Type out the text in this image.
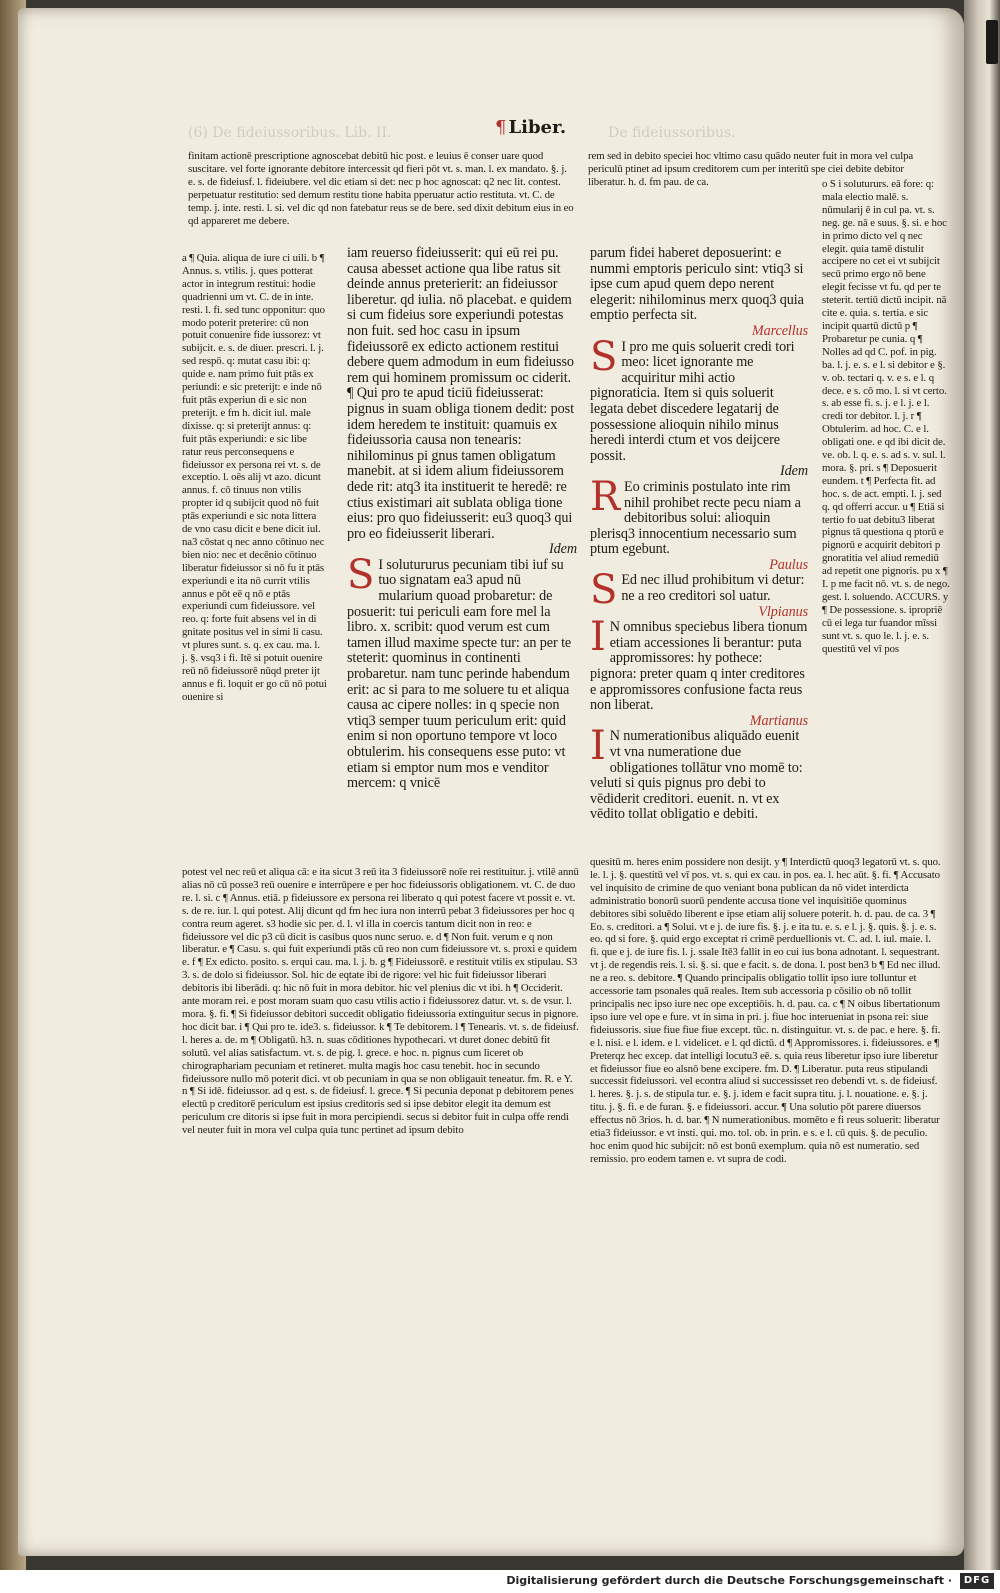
(6) De fideiussoribus. Lib. II.	De fideiussoribus.
¶ Liber.

finitam actionē prescriptione agnoscebat debitū hic post. e leuius ē conser uare quod suscitare. vel forte ignorante debitore intercessit qd fieri pōt vt. s. man. l. ex mandato. §. j. e. s. de fideiusf. l. fideiubere. vel dic etiam si det: nec p hoc agnoscat: q2 nec lit. contest. perpetuatur restitutio: sed demum restitu tione habita pperuatur actio restituta. vt. C. de temp. j. inte. resti. l. si. vel dic qd non fatebatur reus se de bere. sed dixit debitum eius in eo qd appareret me debere.

rem sed in debito speciei hoc vltimo casu quādo neuter fuit in mora vel culpa periculū ptinet ad ipsum creditorem cum per interitū spe ciei debite debitor liberatur. h. d. fm pau. de ca.

a ¶ Quia. aliqua de iure ci uili. b ¶ Annus. s. vtilis. j. ques potterat actor in integrum restitui: hodie quadrienni um vt. C. de in inte. resti. l. fi. sed tunc opponitur: quo modo poterit preterire: cū non potuit conuenire fide iussorez: vt subijcit. e. s. de diuer. prescri. l. j. sed respō. q: mutat casu ibi: q: quide e. nam primo fuit ptās ex periundi: e sic preterijt: e inde nō fuit ptās experiun di e sic non preterijt. e fm h. dicit iul. male dixisse. q: si preterijt annus: q: fuit ptās experiundi: e sic libe ratur reus perconsequens e fideiussor ex persona rei vt. s. de exceptio. l. oēs alij vt azo. dicunt annus. f. cō tinuus non vtilis propter id q subijcit quod nō fuit ptās experiundi e sic nota littera de vno casu dicit e bene dicit iul. na3 cōstat q nec anno cōtinuo nec bien nio: nec et decēnio cōtinuo liberatur fideiussor si nō fu it ptās experiundi e ita nō currit vtilis annus e pōt eē q nō e ptās experiundi cum fideiussore. vel reo. q: forte fuit absens vel in di gnitate positus vel in simi li casu. vt plures sunt. s. q. ex cau. ma. l. j. §. vsq3 i fi. Itē si potuit ouenire reū nō fideiussorē nūqd preter ijt annus e fi. loquit er go cū nō potui ouenire si

iam reuerso fideiusserit: qui eū rei pu. causa abesset actione qua libe ratus sit deinde annus preterierit: an fideiussor liberetur. qd iulia. nō placebat. e quidem si cum fideius sore experiundi potestas non fuit. sed hoc casu in ipsum fideiussorē ex edicto actionem restitui debere quem admodum in eum fideiusso rem qui hominem promissum oc ciderit. ¶ Qui pro te apud ticiū fideiusserat: pignus in suam obliga tionem dedit: post idem heredem te instituit: quamuis ex fideiussoria causa non tenearis: nihilominus pi gnus tamen obligatum manebit. at si idem alium fideiussorem dede rit: atq3 ita instituerit te heredē: re ctius existimari ait sublata obliga tione eius: pro quo fideiusserit: eu3 quoq3 qui pro eo fideiusserit liberari.

Idem

S I solutururus pecuniam tibi iuf su tuo signatam ea3 apud nū mularium quoad probaretur: de posuerit: tui periculi eam fore mel la libro. x. scribit: quod verum est cum tamen illud maxime specte tur: an per te steterit: quominus in continenti probaretur. nam tunc perinde habendum erit: ac si para to me soluere tu et aliqua causa ac cipere nolles: in q specie non vtiq3 semper tuum periculum erit: quid enim si non oportuno tempore vt loco obtulerim. his consequens esse puto: vt etiam si emptor num mos e venditor mercem: q vnicē

parum fidei haberet deposuerint: e nummi emptoris periculo sint: vtiq3 si ipse cum apud quem depo nerent elegerit: nihilominus merx quoq3 quia emptio perfecta sit.

Marcellus

S I pro me quis soluerit credi tori meo: licet ignorante me acquiritur mihi actio pignoraticia. Item si quis soluerit legata debet discedere legatarij de possessione alioquin nihilo minus heredi interdi ctum et vos deijcere possit.

Idem

R Eo criminis postulato inte rim nihil prohibet recte pecu niam a debitoribus solui: alioquin plerisq3 innocentium necessario sum ptum egebunt.

Paulus

S Ed nec illud prohibitum vi detur: ne a reo creditori sol uatur.

Vlpianus

I N omnibus speciebus libera tionum etiam accessiones li berantur: puta appromissores: hy pothece: pignora: preter quam q inter creditores e appromissores confusione facta reus non liberat.

Martianus

I N numerationibus aliquādo euenit vt vna numeratione due obligationes tollātur vno momē to: veluti si quis pignus pro debi to vēdiderit creditori. euenit. n. vt ex vēdito tollat obligatio e debiti.

o S i solutururs. eā fore: q: mala electio malē. s. nūmularij ē in cul pa. vt. s. neg. ge. nā e suus. §. si. e hoc in primo dicto vel q nec elegit. quia tamē distulit accipere no cet ei vt subijcit secū primo ergo nō bene elegit fecisse vt fu. qd per te steterit. tertiū dictū incipit. nā cite e. quia. s. tertia. e sic incipit quartū dictū p ¶ Probaretur pe cunia. q ¶ Nolles ad qd C. pof. in pig. ba. l. j. e. s. e l. si debitor e §. v. ob. tectari q. v. e s. e l. q dece. e s. cō mo. l. si vt certo. s. ab esse fi. s. j. e l. j. e l. credi tor debitor. l. j. r ¶ Obtulerim. ad hoc. C. e l. obligati one. e qd ibi dicit de. ve. ob. l. q. e. s. ad s. v. sul. l. mora. §. pri. s ¶ Deposuerit eundem. t ¶ Perfecta fit. ad hoc. s. de act. empti. l. j. sed q. qd offerri accur. u ¶ Etiā si tertio fo uat debitu3 liberat pignus tā questiona q ptorū e pignorū e acquirit debitori p gnoratitia vel aliud remediū ad repetit one pignoris. pu x ¶ I. p me facit nō. vt. s. de nego. gest. l. soluendo. ACCURS. y ¶ De possessione. s. ipropriē cū ei lega tur fuandor mīssi sunt vt. s. quo le. l. j. e. s. questitū vel vī pos

potest vel nec reū et aliqua cā: e ita sicut 3 reū ita 3 fideiussorē noīe rei restituitur. j. vtilē annū alias nō cū posse3 reū ouenire e interrūpere e per hoc fideiussoris obligationem. vt. C. de duo re. l. si. c ¶ Annus. etiā. p fideiussore ex persona rei liberato q qui potest facere vt possit e. vt. s. de re. iur. l. qui potest. Alij dicunt qd fm hec iura non interrū pebat 3 fideiussores per hoc q contra reum ageret. s3 hodie sic per. d. l. vl illa in coercis tantum dicit non in reo: e fideiussore vel dic p3 cū dicit is casibus quos nunc seruo. e. d ¶ Non fuit. verum e q non liberatur. e ¶ Casu. s. qui fuit experiundi ptās cū reo non cum fideiussore vt. s. proxi e quidem e. f ¶ Ex edicto. posito. s. erqui cau. ma. l. j. b. g ¶ Fideiussorē. e restituit vtilis ex stipulau. S3 3. s. de dolo si fideiussor. Sol. hic de eqtate ibi de rigore: vel hic fuit fideiussor liberari debitoris ibi liberādi. q: hic nō fuit in mora debitor. hic vel plenius dic vt ibi. h ¶ Occiderit. ante moram rei. e post moram suam quo casu vtilis actio i fideiussorez datur. vt. s. de vsur. l. mora. §. fi. ¶ Si fideiussor debitori succedit obligatio fideiussoria extinguitur secus in pignore. hoc dicit bar. i ¶ Qui pro te. ide3. s. fideiussor. k ¶ Te debitorem. l ¶ Tenearis. vt. s. de fideiusf. l. heres a. de. m ¶ Obligatū. h3. n. suas cōditiones hypothecari. vt duret donec debitū fit solutū. vel alias satisfactum. vt. s. de pig. l. grece. e hoc. n. pignus cum liceret ob chirographariam pecuniam et retineret. multa magis hoc casu tenebit. hoc in secundo fideiussore nullo mō poterit dici. vt ob pecuniam in qua se non obligauit teneatur. fm. R. e Y. n ¶ Si idē. fideiussor. ad q est. s. de fideiusf. l. grece. ¶ Si pecunia deponat p debitorem penes electū p creditorē periculum est ipsius creditoris sed si ipse debitor elegit ita demum est periculum cre ditoris si ipse fuit in mora percipiendi. secus si debitor fuit in culpa offe rendi vel neuter fuit in mora vel culpa quia tunc pertinet ad ipsum debito

quesitū m. heres enim possidere non desijt. y ¶ Interdictū quoq3 legatorū vt. s. quo. le. l. j. §. questitū vel vī pos. vt. s. qui ex cau. in pos. ea. l. hec aūt. §. fi. ¶ Accusato vel inquisito de crimine de quo veniant bona publican da nō videt interdicta administratio bonorū suorū pendente accusa tione vel inquisitiōe quominus debitores sibi soluēdo liberent e ipse etiam alij soluere poterit. h. d. pau. de ca. 3 ¶ Eo. s. creditori. a ¶ Solui. vt e j. de iure fis. §. j. e ita tu. e. s. e l. j. §. quis. §. j. e. s. eo. qd si fore. §. quid ergo exceptat ri crimē perduellionis vt. C. ad. l. iul. maie. l. fi. que e j. de iure fis. l. j. ssale Itē3 fallit in eo cui ius bona adnotant. l. sequestrant. vt j. de regendis reis. l. si. §. si. que e facit. s. de dona. l. post ben3 b ¶ Ed nec illud. ne a reo. s. debitore. ¶ Quando principalis obligatio tollit ipso iure tolluntur et accessorie tam psonales quā reales. Item sub accessoria p cōsilio ob nō tollit principalis nec ipso iure nec ope exceptiōis. h. d. pau. ca. c ¶ N oibus libertationum ipso iure vel ope e fure. vt in sima in pri. j. fiue hoc interueniat in psona rei: siue fideiussoris. siue fiue fiue fiue except. tūc. n. distinguitur. vt. s. de pac. e here. §. fi. e l. nisi. e l. idem. e l. videlicet. e l. qd dictū. d ¶ Appromissores. i. fideiussores. e ¶ Preterqz hec excep. dat intelligi locutu3 eē. s. quia reus liberetur ipso iure liberetur et fideiussor fiue eo alsnō bene excipere. fm. D. ¶ Liberatur. puta reus stipulandi successit fideiussori. vel econtra aliud si successisset reo debendi vt. s. de fideiusf. l. heres. §. j. s. de stipula tur. e. §. j. idem e facit supra titu. j. l. nouatione. e. §. j. titu. j. §. fi. e de furan. §. e fideiussori. accur. ¶ Una solutio pōt parere diuersos effectus nō 3rios. h. d. bar. ¶ N numerationibus. momēto e fi reus soluerit: liberatur etia3 fideiussor. e vt insti. qui. mo. tol. ob. in prin. e s. e l. cū quis. §. de peculio. hoc enim quod hic subijcit: nō est bonū exemplum. quia nō est numeratio. sed remissio. pro eodem tamen e. vt supra de codi.

Digitalisierung gefördert durch die Deutsche Forschungsgemeinschaft ·	DFG
